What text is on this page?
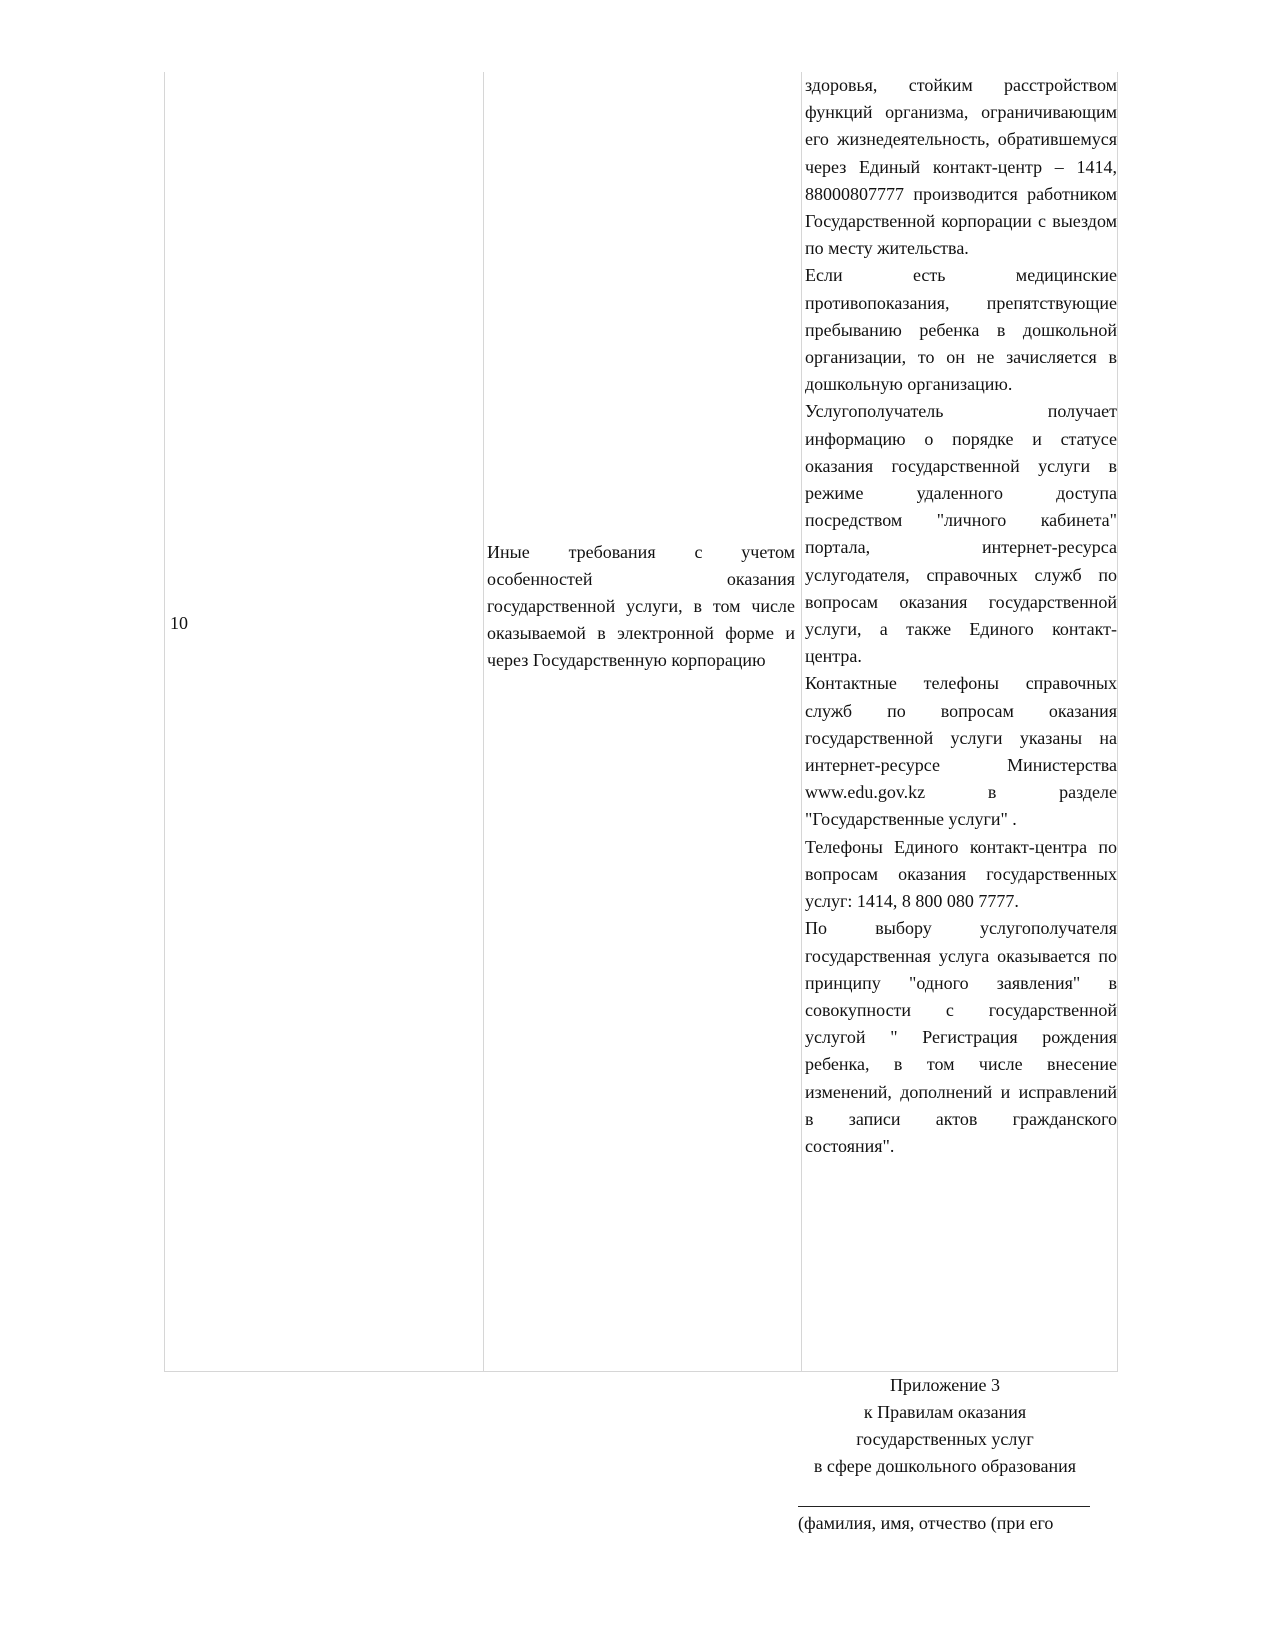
10
Иные требования с учетом особенностей оказания государственной услуги, в том числе оказываемой в электронной форме и через Государственную корпорацию

здоровья, стойким расстройством функций организма, ограничивающим его жизнедеятельность, обратившемуся через Единый контакт-центр – 1414, 88000807777 производится работником Государственной корпорации с выездом по месту жительства.

Если есть медицинские противопоказания, препятствующие пребыванию ребенка в дошкольной организации, то он не зачисляется в дошкольную организацию.

Услугополучатель получает информацию о порядке и статусе оказания государственной услуги в режиме удаленного доступа посредством "личного кабинета" портала, интернет-ресурса услугодателя, справочных служб по вопросам оказания государственной услуги, а также Единого контакт-центра.

Контактные телефоны справочных служб по вопросам оказания государственной услуги указаны на интернет-ресурсе Министерства www.edu.gov.kz в разделе "Государственные услуги" .

Телефоны Единого контакт-центра по вопросам оказания государственных услуг: 1414, 8 800 080 7777.

По выбору услугополучателя государственная услуга оказывается по принципу "одного заявления" в совокупности с государственной услугой " Регистрация рождения ребенка, в том числе внесение изменений, дополнений и исправлений в записи актов гражданского состояния".

Приложение 3
к Правилам оказания
государственных услуг
в сфере дошкольного образования
(фамилия, имя, отчество (при его
